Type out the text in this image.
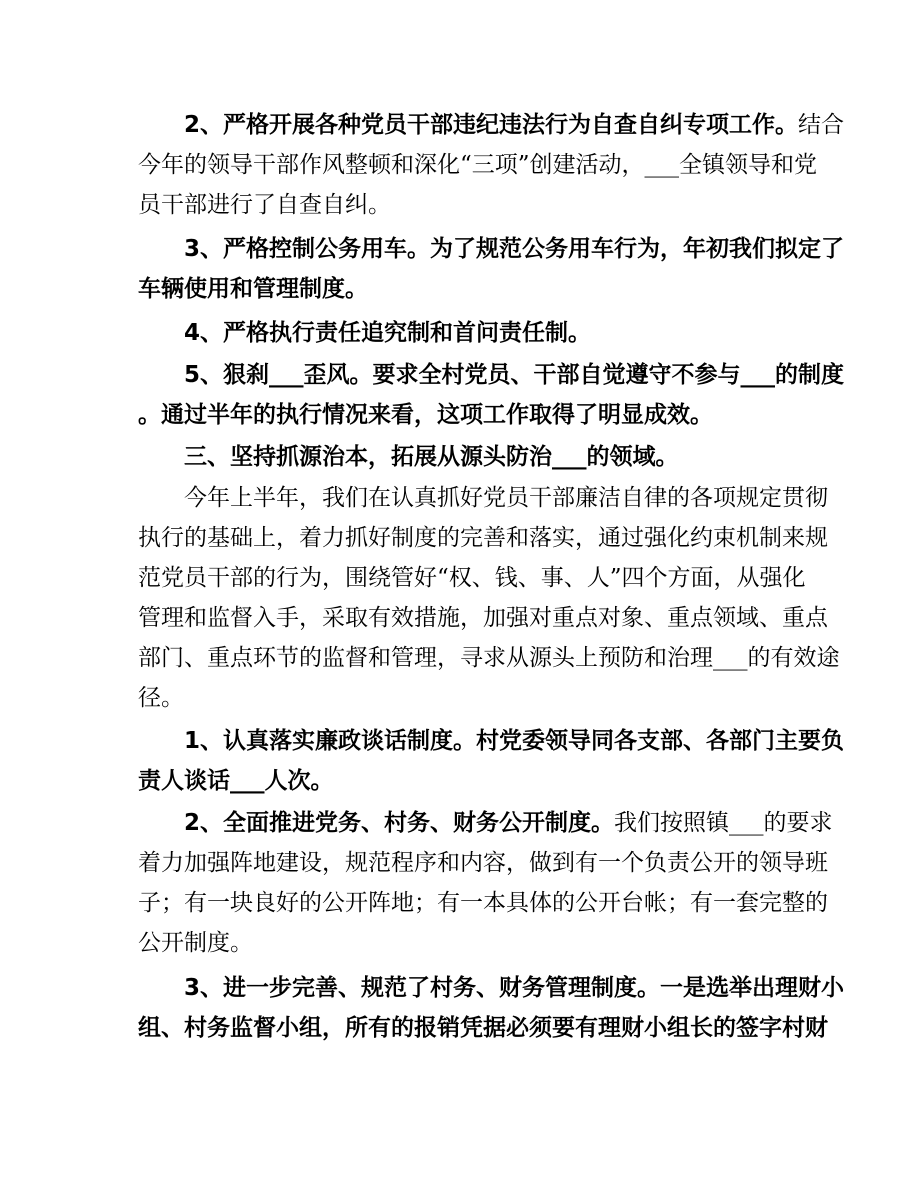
2、严格开展各种党员干部违纪违法行为自查自纠专项工作。结合
今年的领导干部作风整顿和深化“三项”创建活动，___全镇领导和党
员干部进行了自查自纠。
3、严格控制公务用车。为了规范公务用车行为，年初我们拟定了
车辆使用和管理制度。
4、严格执行责任追究制和首问责任制。
5、狠刹___歪风。要求全村党员、干部自觉遵守不参与___的制度
。通过半年的执行情况来看，这项工作取得了明显成效。
三、坚持抓源治本，拓展从源头防治___的领域。
今年上半年，我们在认真抓好党员干部廉洁自律的各项规定贯彻
执行的基础上，着力抓好制度的完善和落实，通过强化约束机制来规
范党员干部的行为，围绕管好“权、钱、事、人”四个方面，从强化
管理和监督入手，采取有效措施，加强对重点对象、重点领域、重点
部门、重点环节的监督和管理，寻求从源头上预防和治理___的有效途
径。
1、认真落实廉政谈话制度。村党委领导同各支部、各部门主要负
责人谈话___人次。
2、全面推进党务、村务、财务公开制度。我们按照镇___的要求
着力加强阵地建设，规范程序和内容，做到有一个负责公开的领导班
子；有一块良好的公开阵地；有一本具体的公开台帐；有一套完整的
公开制度。
3、进一步完善、规范了村务、财务管理制度。一是选举出理财小
组、村务监督小组，所有的报销凭据必须要有理财小组长的签字村财
